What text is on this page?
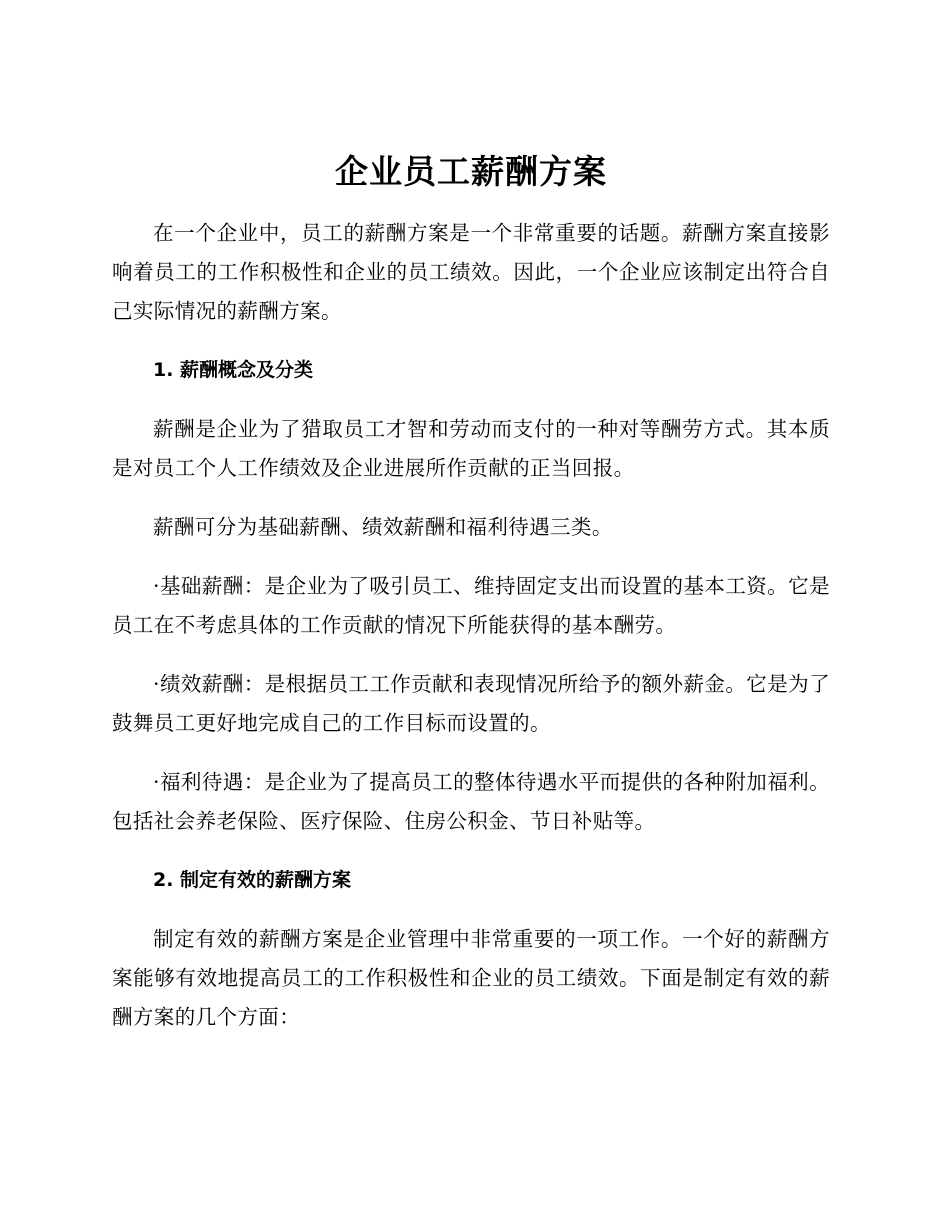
企业员工薪酬方案

在一个企业中，员工的薪酬方案是一个非常重要的话题。薪酬方案直接影响着员工的工作积极性和企业的员工绩效。因此，一个企业应该制定出符合自己实际情况的薪酬方案。

1. 薪酬概念及分类

薪酬是企业为了猎取员工才智和劳动而支付的一种对等酬劳方式。其本质是对员工个人工作绩效及企业进展所作贡献的正当回报。

薪酬可分为基础薪酬、绩效薪酬和福利待遇三类。

·基础薪酬：是企业为了吸引员工、维持固定支出而设置的基本工资。它是员工在不考虑具体的工作贡献的情况下所能获得的基本酬劳。

·绩效薪酬：是根据员工工作贡献和表现情况所给予的额外薪金。它是为了鼓舞员工更好地完成自己的工作目标而设置的。

·福利待遇：是企业为了提高员工的整体待遇水平而提供的各种附加福利。包括社会养老保险、医疗保险、住房公积金、节日补贴等。

2. 制定有效的薪酬方案

制定有效的薪酬方案是企业管理中非常重要的一项工作。一个好的薪酬方案能够有效地提高员工的工作积极性和企业的员工绩效。下面是制定有效的薪酬方案的几个方面：
